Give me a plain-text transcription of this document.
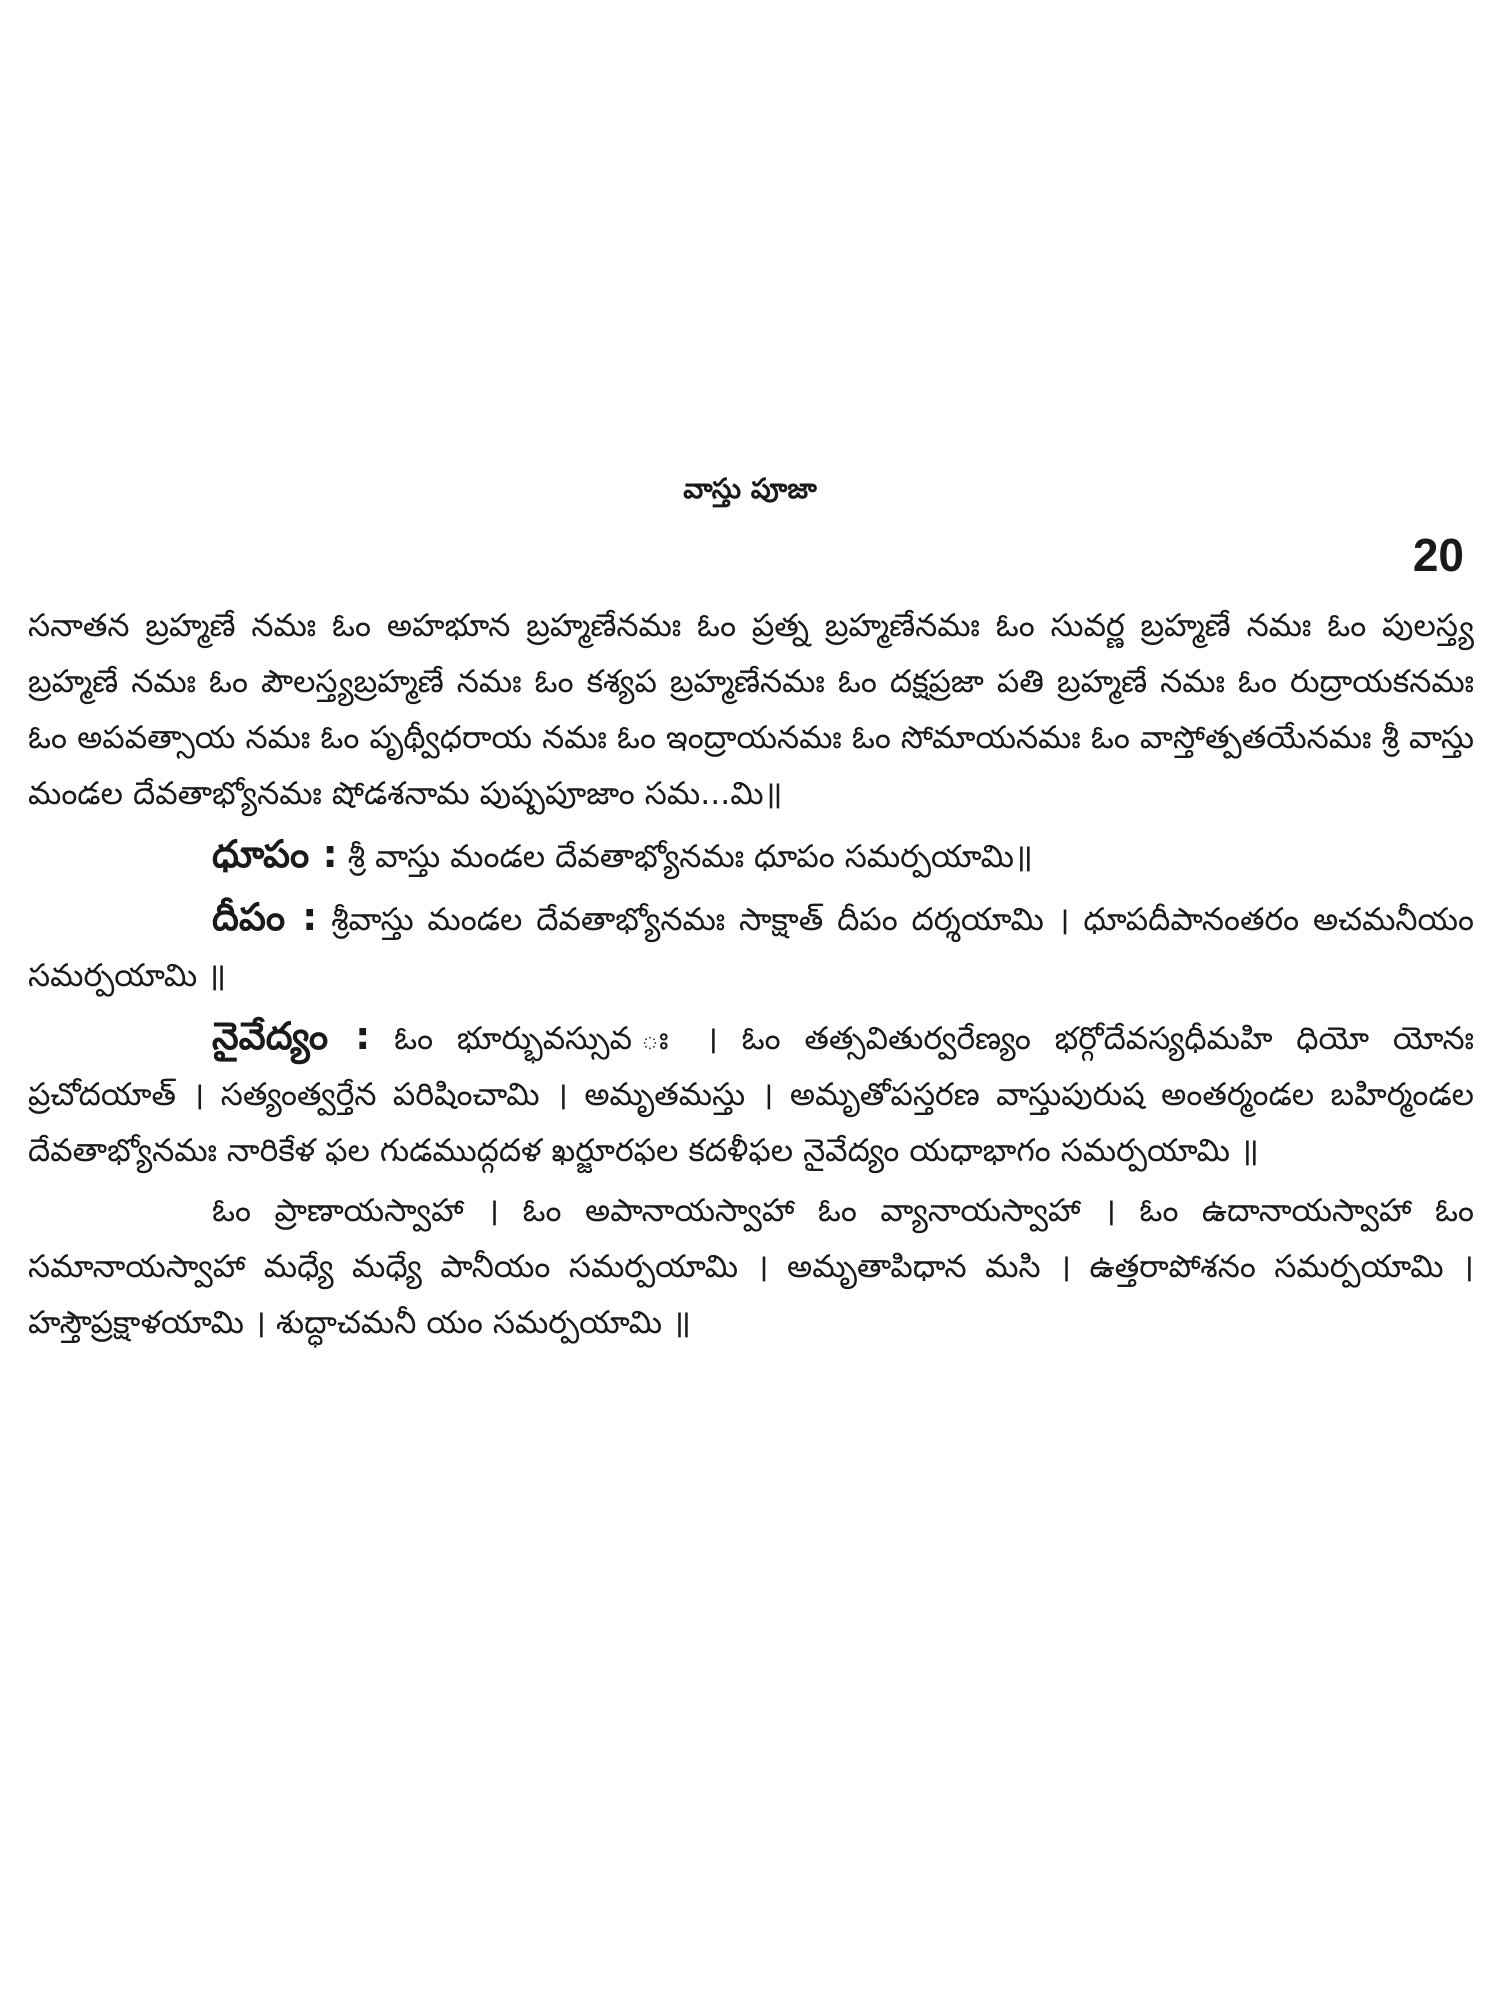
వాస్తు పూజా
20

సనాతన బ్రహ్మణే నమః ఓం అహభూన బ్రహ్మణేనమః ఓం ప్రత్న బ్రహ్మణేనమః ఓం సువర్ణ బ్రహ్మణే నమః ఓం పులస్త్య బ్రహ్మణే నమః ఓం పౌలస్త్యబ్రహ్మణే నమః ఓం కశ్యప బ్రహ్మణేనమః ఓం దక్షప్రజా పతి బ్రహ్మణే నమః ఓం రుద్రాయకనమః ఓం అపవత్సాయ నమః ఓం పృథ్వీధరాయ నమః ఓం ఇంద్రాయనమః ఓం సోమాయనమః ఓం వాస్తోత్పతయేనమః శ్రీ వాస్తు మండల దేవతాభ్యోనమః షోడశనామ పుష్పపూజాం సమ...మి॥

ధూపం : శ్రీ వాస్తు మండల దేవతాభ్యోనమః ధూపం సమర్పయామి॥

దీపం : శ్రీవాస్తు మండల దేవతాభ్యోనమః సాక్షాత్ దీపం దర్శయామి । ధూపదీపానంతరం అచమనీయం సమర్పయామి ॥

నైవేద్యం : ఓం భూర్భువస్సువ ః । ఓం తత్సవితుర్వరేణ్యం భర్గోదేవస్యధీమహి ధియో యోనః ప్రచోదయాత్ । సత్యంత్వర్తేన పరిషించామి । అమృతమస్తు । అమృతోపస్తరణ వాస్తుపురుష అంతర్మండల బహిర్మండల దేవతాభ్యోనమః నారికేళ ఫల గుడముద్గదళ ఖర్జూరఫల కదళీఫల నైవేద్యం యధాభాగం సమర్పయామి ॥

ఓం ప్రాణాయస్వాహా । ఓం అపానాయస్వాహా ఓం వ్యానాయస్వాహా । ఓం ఉదానాయస్వాహా ఓం సమానాయస్వాహా మధ్యే మధ్యే పానీయం సమర్పయామి । అమృతాపిధాన మసి । ఉత్తరాపోశనం సమర్పయామి । హస్తౌప్రక్షాళయామి । శుద్ధాచమనీ యం సమర్పయామి ॥
